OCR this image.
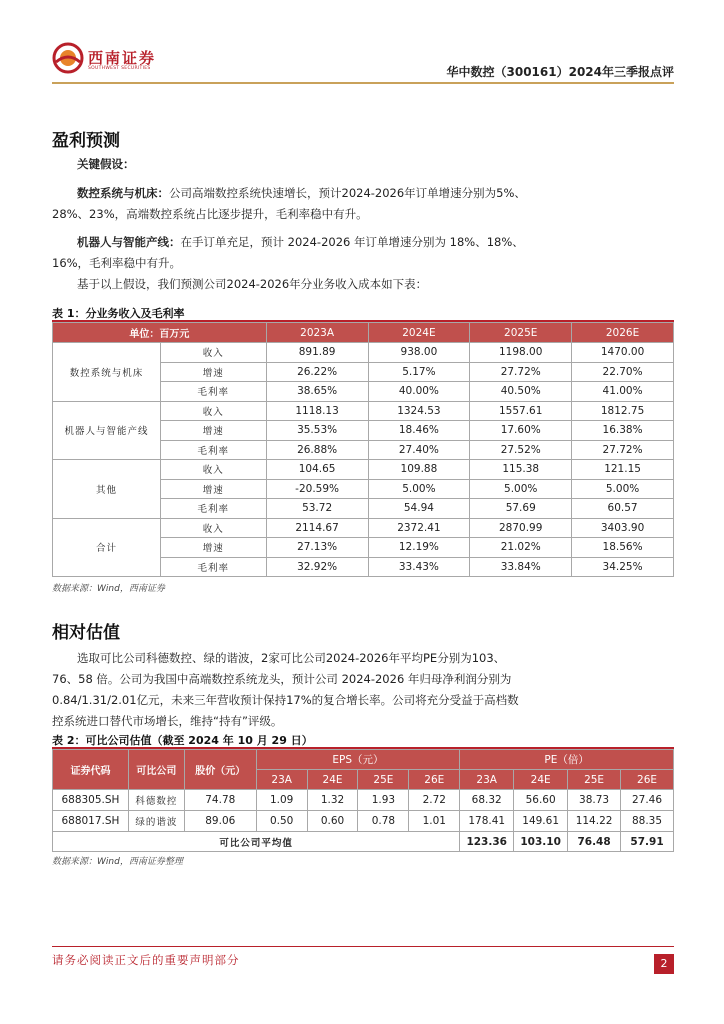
西南证券
SOUTHWEST SECURITIES	华中数控（300161）2024年三季报点评
盈利预测
关键假设：
数控系统与机床：公司高端数控系统快速增长，预计2024-2026年订单增速分别为5%、
28%、23%，高端数控系统占比逐步提升，毛利率稳中有升。
机器人与智能产线：在手订单充足，预计 2024-2026 年订单增速分别为 18%、18%、
16%，毛利率稳中有升。
基于以上假设，我们预测公司2024-2026年分业务收入成本如下表：
表 1：分业务收入及毛利率
单位：百万元		2023A	2024E	2025E	2026E
数控系统与机床	收入	891.89	938.00	1198.00	1470.00
	增速	26.22%	5.17%	27.72%	22.70%
	毛利率	38.65%	40.00%	40.50%	41.00%
机器人与智能产线	收入	1118.13	1324.53	1557.61	1812.75
	增速	35.53%	18.46%	17.60%	16.38%
	毛利率	26.88%	27.40%	27.52%	27.72%
其他	收入	104.65	109.88	115.38	121.15
	增速	-20.59%	5.00%	5.00%	5.00%
	毛利率	53.72	54.94	57.69	60.57
合计	收入	2114.67	2372.41	2870.99	3403.90
	增速	27.13%	12.19%	21.02%	18.56%
	毛利率	32.92%	33.43%	33.84%	34.25%
数据来源：Wind，西南证券
相对估值
选取可比公司科德数控、绿的谐波，2家可比公司2024-2026年平均PE分别为103、
76、58 倍。公司为我国中高端数控系统龙头，预计公司 2024-2026 年归母净利润分别为
0.84/1.31/2.01亿元，未来三年营收预计保持17%的复合增长率。公司将充分受益于高档数
控系统进口替代市场增长，维持“持有”评级。
表 2：可比公司估值（截至 2024 年 10 月 29 日）
证券代码	可比公司	股价（元）	EPS（元）				PE（倍）			
			23A	24E	25E	26E	23A	24E	25E	26E
688305.SH	科德数控	74.78	1.09	1.32	1.93	2.72	68.32	56.60	38.73	27.46
688017.SH	绿的谐波	89.06	0.50	0.60	0.78	1.01	178.41	149.61	114.22	88.35
可比公司平均值							123.36	103.10	76.48	57.91
数据来源：Wind，西南证券整理
请务必阅读正文后的重要声明部分	2
